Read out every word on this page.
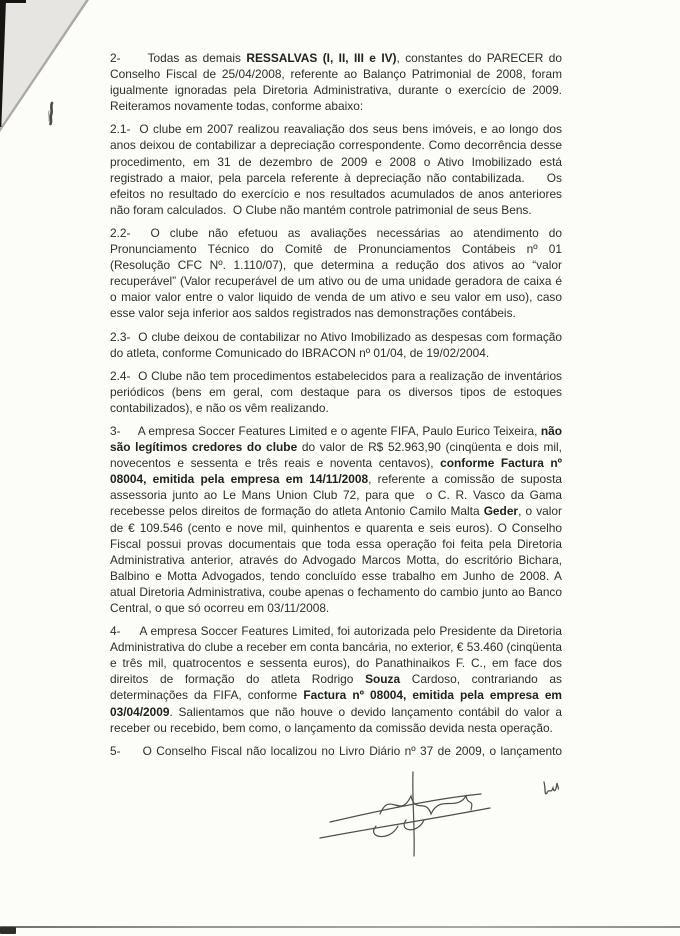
2-     Todas as demais RESSALVAS (I, II, III e IV), constantes do PARECER do Conselho Fiscal de 25/04/2008, referente ao Balanço Patrimonial de 2008, foram igualmente ignoradas pela Diretoria Administrativa, durante o exercício de 2009. Reiteramos novamente todas, conforme abaixo:

2.1-  O clube em 2007 realizou reavaliação dos seus bens imóveis, e ao longo dos anos deixou de contabilizar a depreciação correspondente. Como decorrência desse procedimento, em 31 de dezembro de 2009 e 2008 o Ativo Imobilizado está registrado a maior, pela parcela referente à depreciação não contabilizada.    Os efeitos no resultado do exercício e nos resultados acumulados de anos anteriores não foram calculados.  O Clube não mantém controle patrimonial de seus Bens.

2.2-  O clube não efetuou as avaliações necessárias ao atendimento do Pronunciamento Técnico do Comitê de Pronunciamentos Contábeis nº 01 (Resolução CFC Nº. 1.110/07), que determina a redução dos ativos ao “valor recuperável” (Valor recuperável de um ativo ou de uma unidade geradora de caixa é o maior valor entre o valor liquido de venda de um ativo e seu valor em uso), caso esse valor seja inferior aos saldos registrados nas demonstrações contábeis.

2.3-  O clube deixou de contabilizar no Ativo Imobilizado as despesas com formação do atleta, conforme Comunicado do IBRACON nº 01/04, de 19/02/2004.

2.4-  O Clube não tem procedimentos estabelecidos para a realização de inventários periódicos (bens em geral, com destaque para os diversos tipos de estoques contabilizados), e não os vêm realizando.

3-     A empresa Soccer Features Limited e o agente FIFA, Paulo Eurico Teixeira, não são legítimos credores do clube do valor de R$ 52.963,90 (cinqüenta e dois mil, novecentos e sessenta e três reais e noventa centavos), conforme Factura nº 08004, emitida pela empresa em 14/11/2008, referente a comissão de suposta assessoria junto ao Le Mans Union Club 72, para que  o C. R. Vasco da Gama recebesse pelos direitos de formação do atleta Antonio Camilo Malta Geder, o valor de € 109.546 (cento e nove mil, quinhentos e quarenta e seis euros). O Conselho Fiscal possui provas documentais que toda essa operação foi feita pela Diretoria Administrativa anterior, através do Advogado Marcos Motta, do escritório Bichara, Balbino e Motta Advogados, tendo concluído esse trabalho em Junho de 2008. A atual Diretoria Administrativa, coube apenas o fechamento do cambio junto ao Banco Central, o que só ocorreu em 03/11/2008.

4-     A empresa Soccer Features Limited, foi autorizada pelo Presidente da Diretoria Administrativa do clube a receber em conta bancária, no exterior, € 53.460 (cinqüenta e três mil, quatrocentos e sessenta euros), do Panathinaikos F. C., em face dos direitos de formação do atleta Rodrigo Souza Cardoso, contrariando as determinações da FIFA, conforme Factura nº 08004, emitida pela empresa em 03/04/2009. Salientamos que não houve o devido lançamento contábil do valor a receber ou recebido, bem como, o lançamento da comissão devida nesta operação.

5-     O Conselho Fiscal não localizou no Livro Diário nº 37 de 2009, o lançamento
